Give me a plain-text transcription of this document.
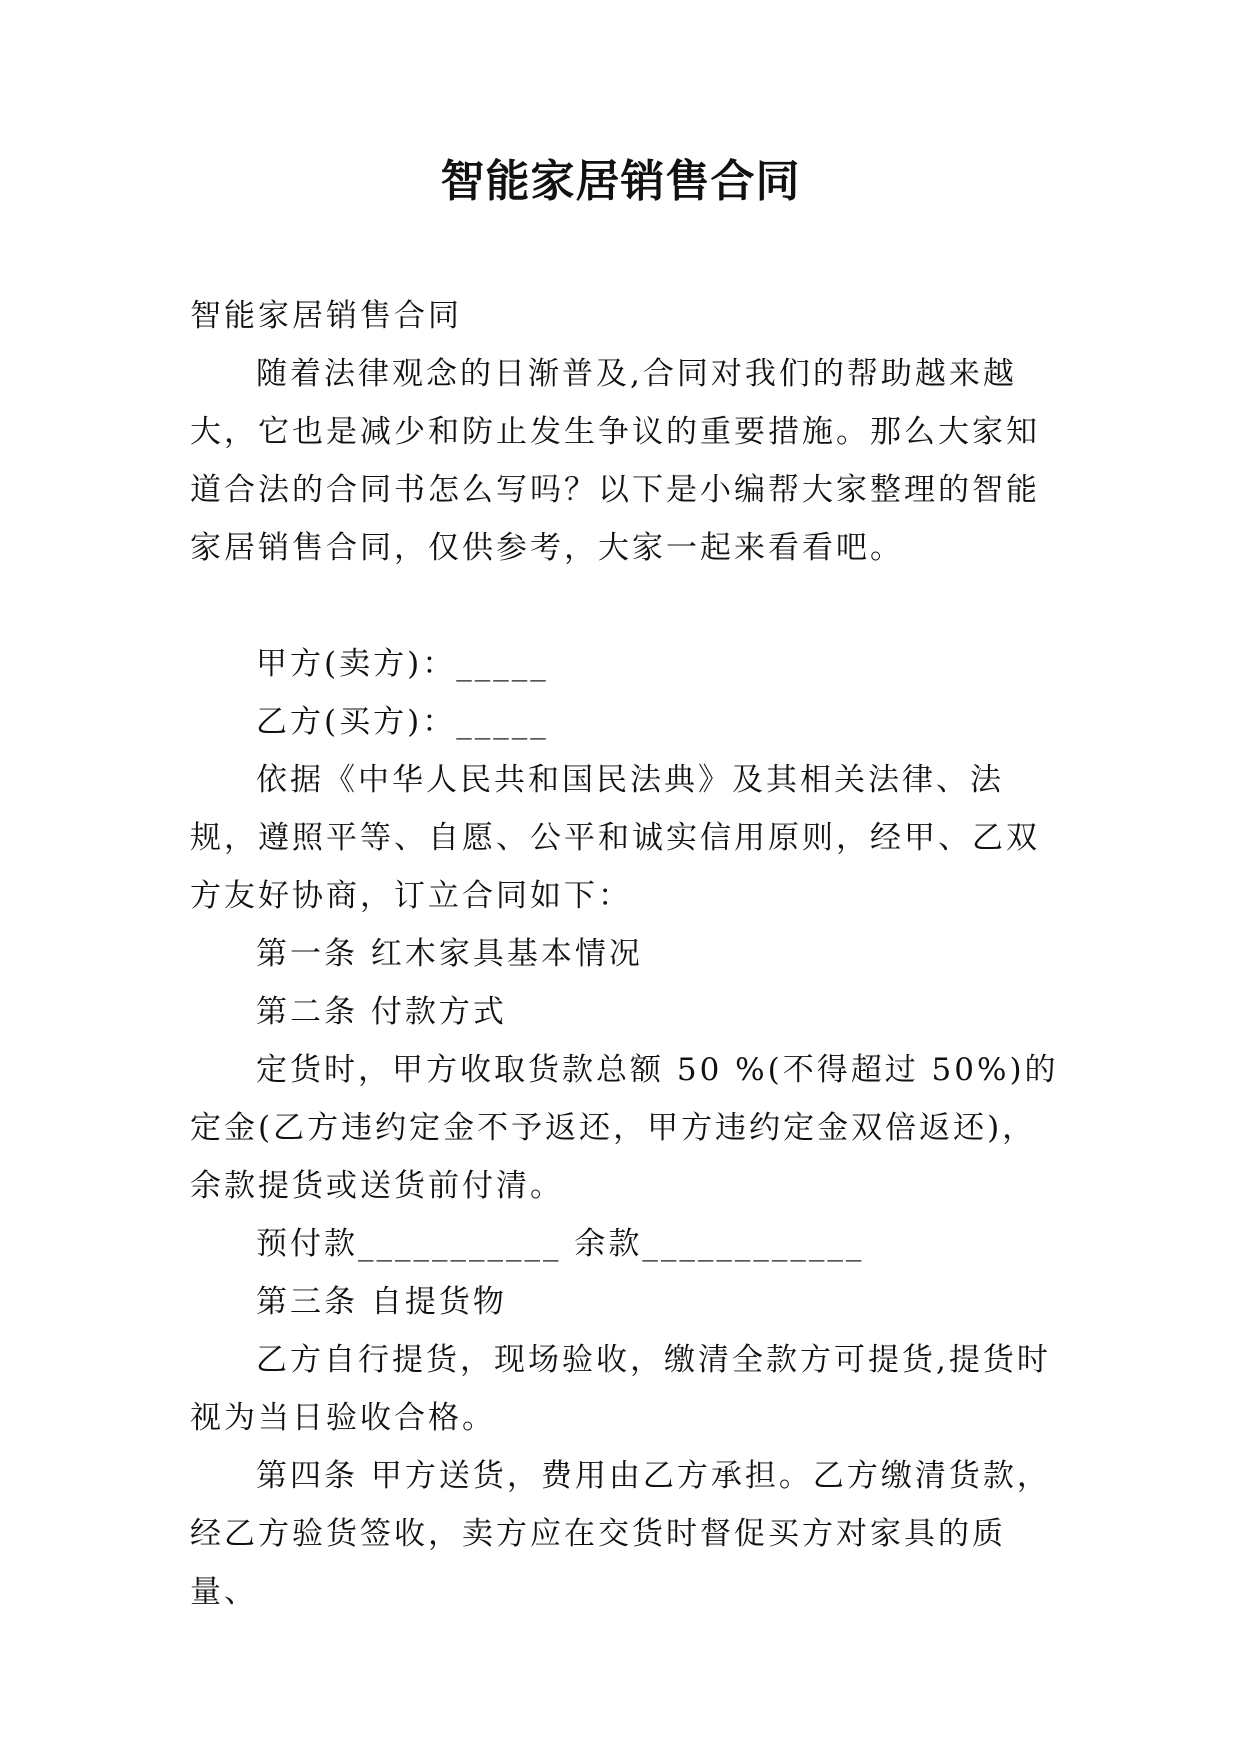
智能家居销售合同

智能家居销售合同

随着法律观念的日渐普及,合同对我们的帮助越来越大，它也是减少和防止发生争议的重要措施。那么大家知道合法的合同书怎么写吗？以下是小编帮大家整理的智能家居销售合同，仅供参考，大家一起来看看吧。

甲方(卖方)：_____

乙方(买方)：_____

依据《中华人民共和国民法典》及其相关法律、法规，遵照平等、自愿、公平和诚实信用原则，经甲、乙双方友好协商，订立合同如下：

第一条 红木家具基本情况

第二条 付款方式

定货时，甲方收取货款总额 50 %(不得超过 50%)的定金(乙方违约定金不予返还，甲方违约定金双倍返还)，余款提货或送货前付清。

预付款___________ 余款____________

第三条 自提货物

乙方自行提货，现场验收，缴清全款方可提货,提货时视为当日验收合格。

第四条 甲方送货，费用由乙方承担。乙方缴清货款，经乙方验货签收，卖方应在交货时督促买方对家具的质量、
